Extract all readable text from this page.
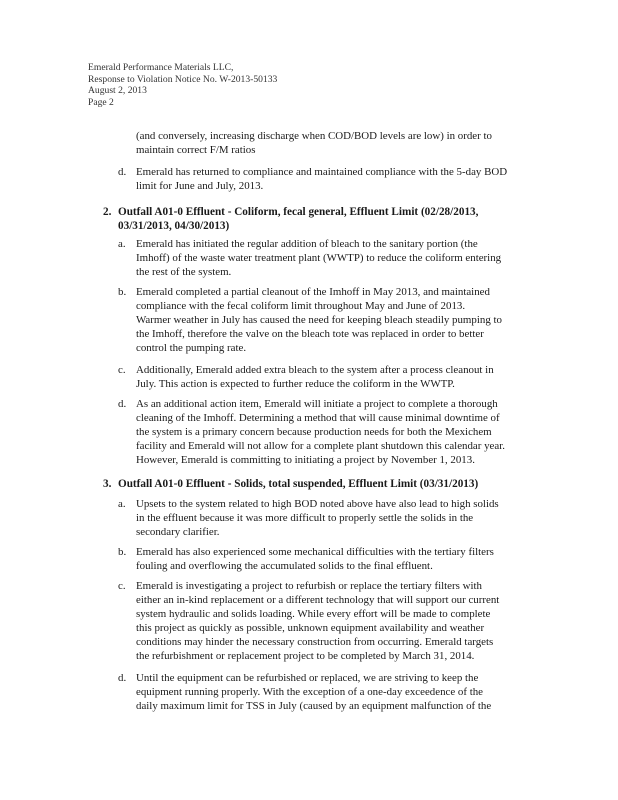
Emerald Performance Materials LLC,
Response to Violation Notice No. W-2013-50133
August 2, 2013
Page 2
(and conversely, increasing discharge when COD/BOD levels are low) in order to
maintain correct F/M ratios
d. Emerald has returned to compliance and maintained compliance with the 5-day BOD
limit for June and July, 2013.
2. Outfall A01-0 Effluent - Coliform, fecal general, Effluent Limit (02/28/2013,
03/31/2013, 04/30/2013)
a. Emerald has initiated the regular addition of bleach to the sanitary portion (the
Imhoff) of the waste water treatment plant (WWTP) to reduce the coliform entering
the rest of the system.
b. Emerald completed a partial cleanout of the Imhoff in May 2013, and maintained
compliance with the fecal coliform limit throughout May and June of 2013.
Warmer weather in July has caused the need for keeping bleach steadily pumping to
the Imhoff, therefore the valve on the bleach tote was replaced in order to better
control the pumping rate.
c. Additionally, Emerald added extra bleach to the system after a process cleanout in
July. This action is expected to further reduce the coliform in the WWTP.
d. As an additional action item, Emerald will initiate a project to complete a thorough
cleaning of the Imhoff. Determining a method that will cause minimal downtime of
the system is a primary concern because production needs for both the Mexichem
facility and Emerald will not allow for a complete plant shutdown this calendar year.
However, Emerald is committing to initiating a project by November 1, 2013.
3. Outfall A01-0 Effluent - Solids, total suspended, Effluent Limit (03/31/2013)
a. Upsets to the system related to high BOD noted above have also lead to high solids
in the effluent because it was more difficult to properly settle the solids in the
secondary clarifier.
b. Emerald has also experienced some mechanical difficulties with the tertiary filters
fouling and overflowing the accumulated solids to the final effluent.
c. Emerald is investigating a project to refurbish or replace the tertiary filters with
either an in-kind replacement or a different technology that will support our current
system hydraulic and solids loading. While every effort will be made to complete
this project as quickly as possible, unknown equipment availability and weather
conditions may hinder the necessary construction from occurring. Emerald targets
the refurbishment or replacement project to be completed by March 31, 2014.
d. Until the equipment can be refurbished or replaced, we are striving to keep the
equipment running properly. With the exception of a one-day exceedence of the
daily maximum limit for TSS in July (caused by an equipment malfunction of the
